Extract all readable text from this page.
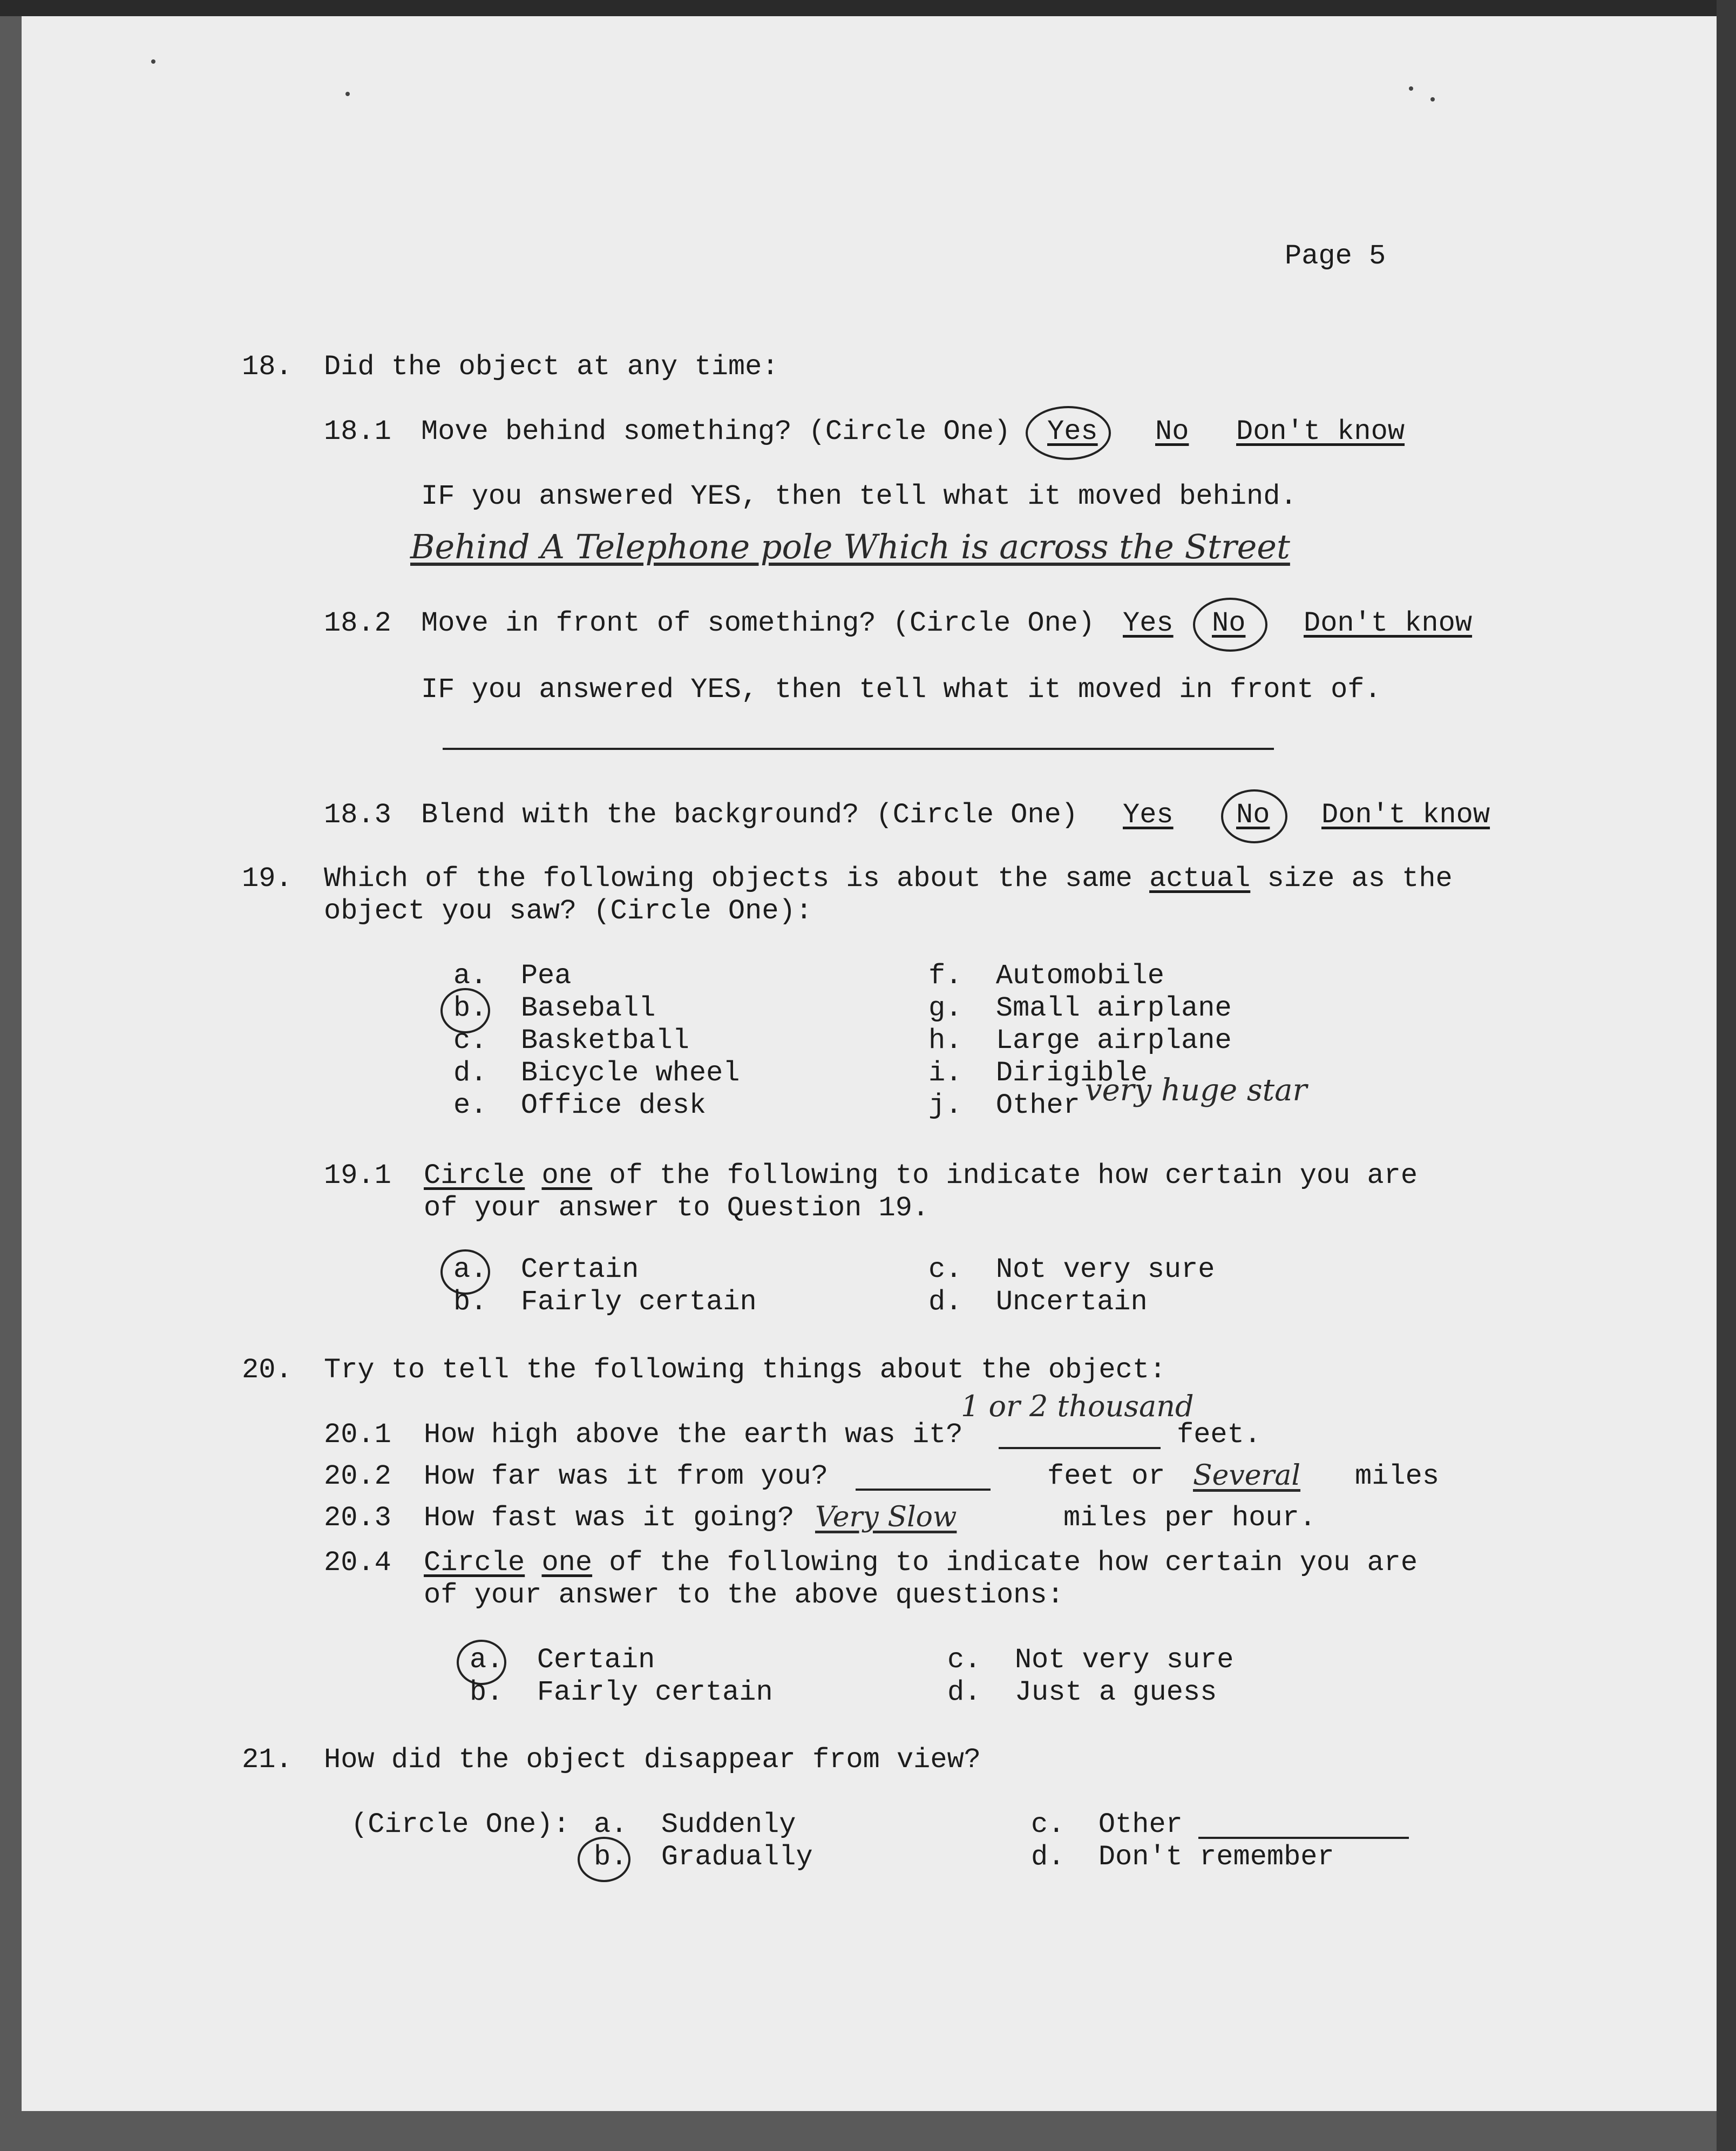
Page 5
18. Did the object at any time:
18.1 Move behind something? (Circle One) Yes No Don't know
IF you answered YES, then tell what it moved behind.
Behind A Telephone pole Which is across the Street
18.2 Move in front of something? (Circle One) Yes No Don't know
IF you answered YES, then tell what it moved in front of.
18.3 Blend with the background? (Circle One) Yes No Don't know
19. Which of the following objects is about the same actual size as the
object you saw? (Circle One):
a. Pea
b. Baseball
c. Basketball
d. Bicycle wheel
e. Office desk
f. Automobile
g. Small airplane
h. Large airplane
i. Dirigible
j. Other very huge star
19.1 Circle one of the following to indicate how certain you are
of your answer to Question 19.
a. Certain
b. Fairly certain
c. Not very sure
d. Uncertain
20. Try to tell the following things about the object:
20.1 How high above the earth was it?
1 or 2 thousand
feet.
20.2 How far was it from you?	feet or Several miles
20.3 How fast was it going? Very Slow	miles per hour.
20.4 Circle one of the following to indicate how certain you are
of your answer to the above questions:
a. Certain
b. Fairly certain
c. Not very sure
d. Just a guess
21. How did the object disappear from view?
(Circle One): a. Suddenly
b. Gradually
c. Other
d. Don't remember
